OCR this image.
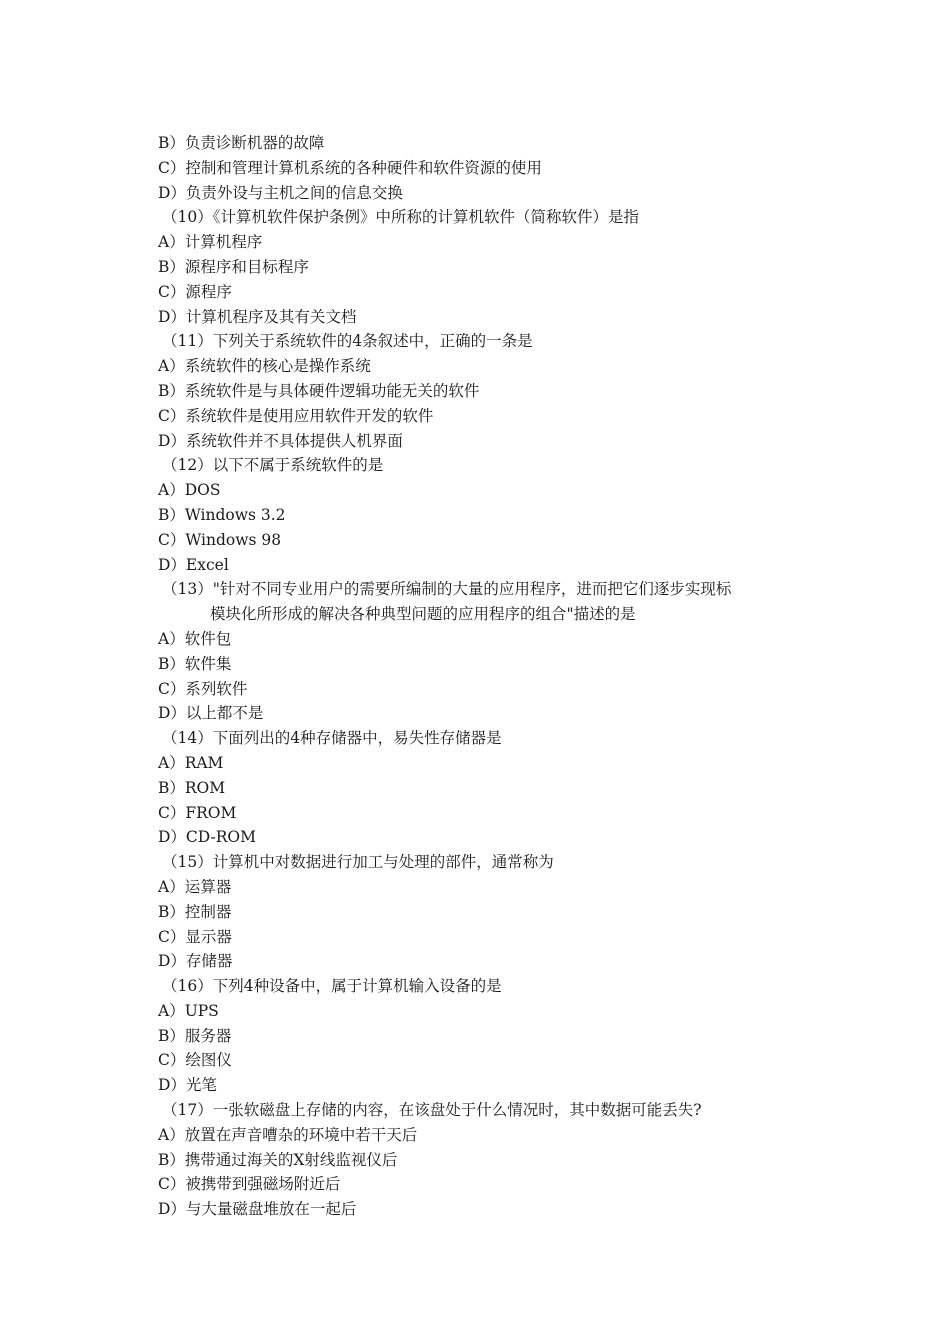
B）负责诊断机器的故障
C）控制和管理计算机系统的各种硬件和软件资源的使用
D）负责外设与主机之间的信息交换
（10）《计算机软件保护条例》中所称的计算机软件（简称软件）是指
A）计算机程序
B）源程序和目标程序
C）源程序
D）计算机程序及其有关文档
（11）下列关于系统软件的4条叙述中，正确的一条是
A）系统软件的核心是操作系统
B）系统软件是与具体硬件逻辑功能无关的软件
C）系统软件是使用应用软件开发的软件
D）系统软件并不具体提供人机界面
（12）以下不属于系统软件的是
A）DOS
B）Windows 3.2
C）Windows 98
D）Excel
（13）"针对不同专业用户的需要所编制的大量的应用程序，进而把它们逐步实现标
模块化所形成的解决各种典型问题的应用程序的组合"描述的是
A）软件包
B）软件集
C）系列软件
D）以上都不是
（14）下面列出的4种存储器中，易失性存储器是
A）RAM
B）ROM
C）FROM
D）CD-ROM
（15）计算机中对数据进行加工与处理的部件，通常称为
A）运算器
B）控制器
C）显示器
D）存储器
（16）下列4种设备中，属于计算机输入设备的是
A）UPS
B）服务器
C）绘图仪
D）光笔
（17）一张软磁盘上存储的内容，在该盘处于什么情况时，其中数据可能丢失?
A）放置在声音嘈杂的环境中若干天后
B）携带通过海关的X射线监视仪后
C）被携带到强磁场附近后
D）与大量磁盘堆放在一起后
